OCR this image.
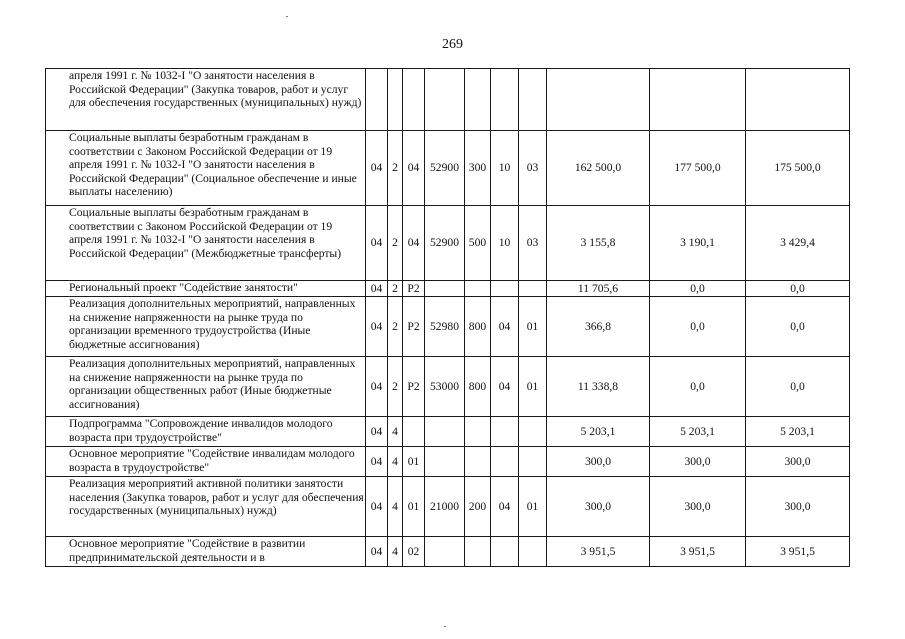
269
апреля 1991 г. № 1032-I "О занятости населения в Российской Федерации" (Закупка товаров, работ и услуг для обеспечения государственных (муниципальных) нужд)										
Социальные выплаты безработным гражданам в соответствии с Законом Российской Федерации от 19 апреля 1991 г. № 1032-I "О занятости населения в Российской Федерации" (Социальное обеспечение и иные выплаты населению)	04	2	04	52900	300	10	03	162 500,0	177 500,0	175 500,0
Социальные выплаты безработным гражданам в соответствии с Законом Российской Федерации от 19 апреля 1991 г. № 1032-I "О занятости населения в Российской Федерации" (Межбюджетные трансферты)	04	2	04	52900	500	10	03	3 155,8	3 190,1	3 429,4
Региональный проект "Содействие занятости"	04	2	P2					11 705,6	0,0	0,0
Реализация дополнительных мероприятий, направленных на снижение напряженности на рынке труда по организации временного трудоустройства (Иные бюджетные ассигнования)	04	2	P2	52980	800	04	01	366,8	0,0	0,0
Реализация дополнительных мероприятий, направленных на снижение напряженности на рынке труда по организации общественных работ (Иные бюджетные ассигнования)	04	2	P2	53000	800	04	01	11 338,8	0,0	0,0
Подпрограмма "Сопровождение инвалидов молодого возраста при трудоустройстве"	04	4						5 203,1	5 203,1	5 203,1
Основное мероприятие "Содействие инвалидам молодого возраста в трудоустройстве"	04	4	01					300,0	300,0	300,0
Реализация мероприятий активной политики занятости населения (Закупка товаров, работ и услуг для обеспечения государственных (муниципальных) нужд)	04	4	01	21000	200	04	01	300,0	300,0	300,0
Основное мероприятие "Содействие в развитии предпринимательской деятельности и в	04	4	02					3 951,5	3 951,5	3 951,5
